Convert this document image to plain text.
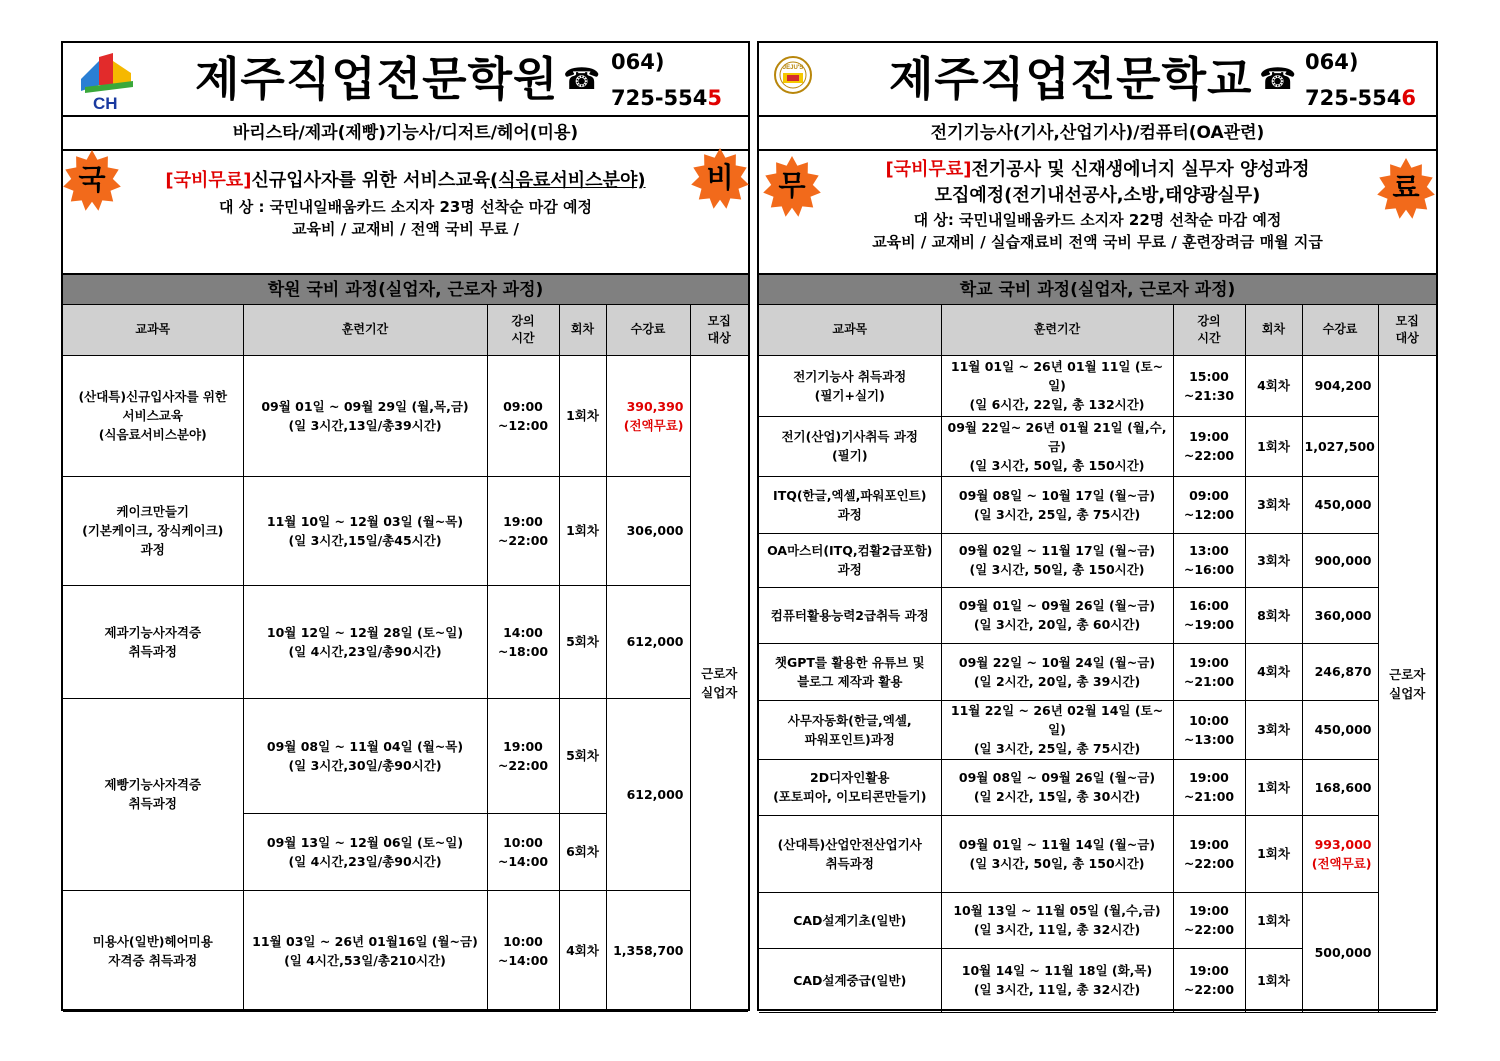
CH 제주직업전문학원 ☎ 064)
725-5545
바리스타/제과(제빵)기능사/디저트/헤어(미용)
국	비
[국비무료]신규입사자를 위한 서비스교육(식음료서비스분야)
대 상 : 국민내일배움카드 소지자 23명 선착순 마감 예정
교육비 / 교재비 / 전액 국비 무료 /
학원 국비 과정(실업자, 근로자 과정)
교과목	훈련기간	강의
시간	회차	수강료	모집
대상
(산대특)신규입사자를 위한
서비스교육
(식음료서비스분야)	09월 01일 ~ 09월 29일 (월,목,금)
(일 3시간,13일/총39시간)	09:00
~12:00	1회차	390,390
(전액무료)	근로자
실업자
케이크만들기
(기본케이크, 장식케이크)
과정	11월 10일 ~ 12월 03일 (월~목)
(일 3시간,15일/총45시간)	19:00
~22:00	1회차	306,000	
제과기능사자격증
취득과정	10월 12일 ~ 12월 28일 (토~일)
(일 4시간,23일/총90시간)	14:00
~18:00	5회차	612,000	
제빵기능사자격증
취득과정	09월 08일 ~ 11월 04일 (월~목)
(일 3시간,30일/총90시간)	19:00
~22:00	5회차	612,000	
	09월 13일 ~ 12월 06일 (토~일)
(일 4시간,23일/총90시간)	10:00
~14:00	6회차		
미용사(일반)헤어미용
자격증 취득과정	11월 03일 ~ 26년 01월16일 (월~금)
(일 4시간,53일/총210시간)	10:00
~14:00	4회차	1,358,700	
JEJU'S 제주직업전문학교 ☎ 064)
725-5546
전기기능사(기사,산업기사)/컴퓨터(OA관련)
무	료
[국비무료]전기공사 및 신재생에너지 실무자 양성과정
모집예정(전기내선공사,소방,태양광실무)
대 상: 국민내일배움카드 소지자 22명 선착순 마감 예정
교육비 / 교재비 / 실습재료비 전액 국비 무료 / 훈련장려금 매월 지급
학교 국비 과정(실업자, 근로자 과정)
교과목	훈련기간	강의
시간	회차	수강료	모집
대상
전기기능사 취득과정
(필기+실기)	11월 01일 ~ 26년 01월 11일 (토~일)
(일 6시간, 22일, 총 132시간)	15:00
~21:30	4회차	904,200	근로자
실업자
전기(산업)기사취득 과정
(필기)	09월 22일~ 26년 01월 21일 (월,수,금)
(일 3시간, 50일, 총 150시간)	19:00
~22:00	1회차	1,027,500	
ITQ(한글,엑셀,파워포인트)
과정	09월 08일 ~ 10월 17일 (월~금)
(일 3시간, 25일, 총 75시간)	09:00
~12:00	3회차	450,000	
OA마스터(ITQ,컴활2급포함)
과정	09월 02일 ~ 11월 17일 (월~금)
(일 3시간, 50일, 총 150시간)	13:00
~16:00	3회차	900,000	
컴퓨터활용능력2급취득 과정	09월 01일 ~ 09월 26일 (월~금)
(일 3시간, 20일, 총 60시간)	16:00
~19:00	8회차	360,000	
챗GPT를 활용한 유튜브 및
블로그 제작과 활용	09월 22일 ~ 10월 24일 (월~금)
(일 2시간, 20일, 총 39시간)	19:00
~21:00	4회차	246,870	
사무자동화(한글,엑셀,
파워포인트)과정	11월 22일 ~ 26년 02월 14일 (토~일)
(일 3시간, 25일, 총 75시간)	10:00
~13:00	3회차	450,000	
2D디자인활용
(포토피아, 이모티콘만들기)	09월 08일 ~ 09월 26일 (월~금)
(일 2시간, 15일, 총 30시간)	19:00
~21:00	1회차	168,600	
(산대특)산업안전산업기사
취득과정	09월 01일 ~ 11월 14일 (월~금)
(일 3시간, 50일, 총 150시간)	19:00
~22:00	1회차	993,000
(전액무료)	
CAD설계기초(일반)	10월 13일 ~ 11월 05일 (월,수,금)
(일 3시간, 11일, 총 32시간)	19:00
~22:00	1회차	500,000	
CAD설계중급(일반)	10월 14일 ~ 11월 18일 (화,목)
(일 3시간, 11일, 총 32시간)	19:00
~22:00	1회차		
